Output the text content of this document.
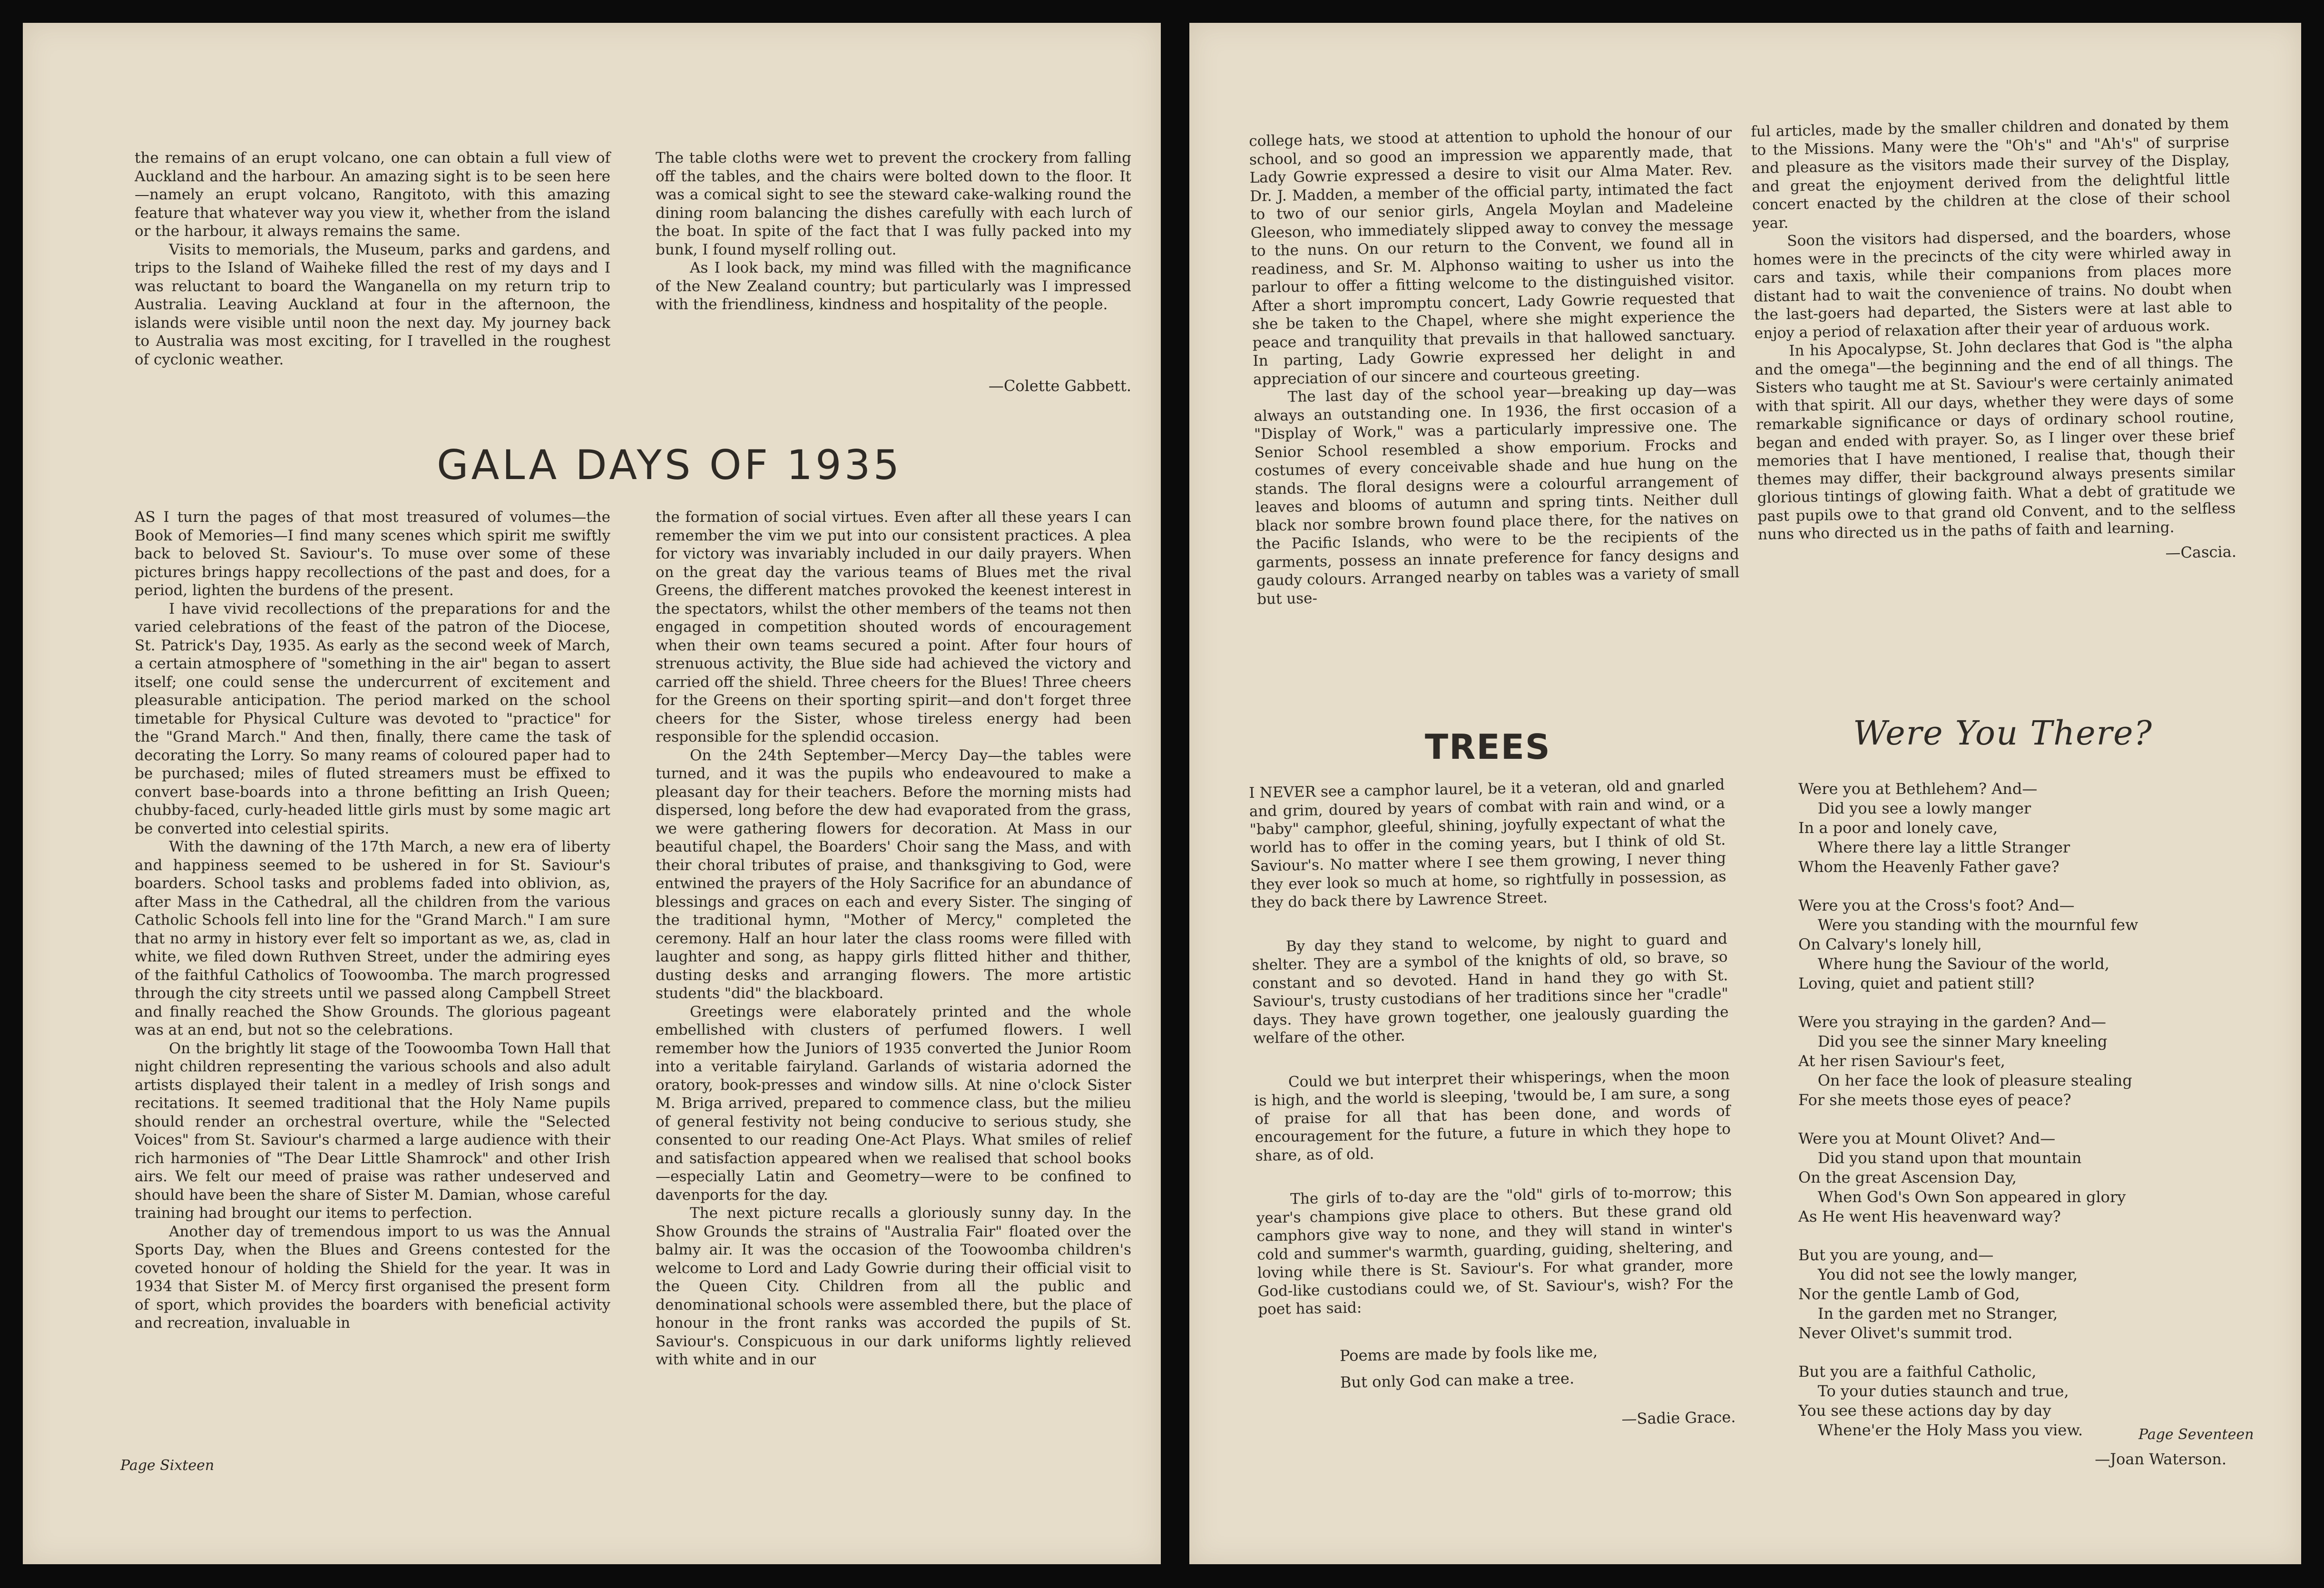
the remains of an erupt volcano, one can obtain a full view of Auckland and the harbour. An amazing sight is to be seen here—namely an erupt volcano, Rangitoto, with this amazing feature that whatever way you view it, whether from the island or the harbour, it always remains the same.

Visits to memorials, the Museum, parks and gardens, and trips to the Island of Waiheke filled the rest of my days and I was reluctant to board the Wanganella on my return trip to Australia. Leaving Auckland at four in the afternoon, the islands were visible until noon the next day. My journey back to Australia was most exciting, for I travelled in the roughest of cyclonic weather.

The table cloths were wet to prevent the crockery from falling off the tables, and the chairs were bolted down to the floor. It was a comical sight to see the steward cake-walking round the dining room balancing the dishes carefully with each lurch of the boat. In spite of the fact that I was fully packed into my bunk, I found myself rolling out.

As I look back, my mind was filled with the magnificance of the New Zealand country; but particularly was I impressed with the friendliness, kindness and hospitality of the people.

—Colette Gabbett.
GALA DAYS OF 1935

AS I turn the pages of that most treasured of volumes—the Book of Memories—I find many scenes which spirit me swiftly back to beloved St. Saviour's. To muse over some of these pictures brings happy recollections of the past and does, for a period, lighten the burdens of the present.

I have vivid recollections of the preparations for and the varied celebrations of the feast of the patron of the Diocese, St. Patrick's Day, 1935. As early as the second week of March, a certain atmosphere of "something in the air" began to assert itself; one could sense the undercurrent of excitement and pleasurable anticipation. The period marked on the school timetable for Physical Culture was devoted to "practice" for the "Grand March." And then, finally, there came the task of decorating the Lorry. So many reams of coloured paper had to be purchased; miles of fluted streamers must be effixed to convert base-boards into a throne befitting an Irish Queen; chubby-faced, curly-headed little girls must by some magic art be converted into celestial spirits.

With the dawning of the 17th March, a new era of liberty and happiness seemed to be ushered in for St. Saviour's boarders. School tasks and problems faded into oblivion, as, after Mass in the Cathedral, all the children from the various Catholic Schools fell into line for the "Grand March." I am sure that no army in history ever felt so important as we, as, clad in white, we filed down Ruthven Street, under the admiring eyes of the faithful Catholics of Toowoomba. The march progressed through the city streets until we passed along Campbell Street and finally reached the Show Grounds. The glorious pageant was at an end, but not so the celebrations.

On the brightly lit stage of the Toowoomba Town Hall that night children representing the various schools and also adult artists displayed their talent in a medley of Irish songs and recitations. It seemed traditional that the Holy Name pupils should render an orchestral overture, while the "Selected Voices" from St. Saviour's charmed a large audience with their rich harmonies of "The Dear Little Shamrock" and other Irish airs. We felt our meed of praise was rather undeserved and should have been the share of Sister M. Damian, whose careful training had brought our items to perfection.

Another day of tremendous import to us was the Annual Sports Day, when the Blues and Greens contested for the coveted honour of holding the Shield for the year. It was in 1934 that Sister M. of Mercy first organised the present form of sport, which provides the boarders with beneficial activity and recreation, invaluable in

the formation of social virtues. Even after all these years I can remember the vim we put into our consistent practices. A plea for victory was invariably included in our daily prayers. When on the great day the various teams of Blues met the rival Greens, the different matches provoked the keenest interest in the spectators, whilst the other members of the teams not then engaged in competition shouted words of encouragement when their own teams secured a point. After four hours of strenuous activity, the Blue side had achieved the victory and carried off the shield. Three cheers for the Blues! Three cheers for the Greens on their sporting spirit—and don't forget three cheers for the Sister, whose tireless energy had been responsible for the splendid occasion.

On the 24th September—Mercy Day—the tables were turned, and it was the pupils who endeavoured to make a pleasant day for their teachers. Before the morning mists had dispersed, long before the dew had evaporated from the grass, we were gathering flowers for decoration. At Mass in our beautiful chapel, the Boarders' Choir sang the Mass, and with their choral tributes of praise, and thanksgiving to God, were entwined the prayers of the Holy Sacrifice for an abundance of blessings and graces on each and every Sister. The singing of the traditional hymn, "Mother of Mercy," completed the ceremony. Half an hour later the class rooms were filled with laughter and song, as happy girls flitted hither and thither, dusting desks and arranging flowers. The more artistic students "did" the blackboard.

Greetings were elaborately printed and the whole embellished with clusters of perfumed flowers. I well remember how the Juniors of 1935 converted the Junior Room into a veritable fairyland. Garlands of wistaria adorned the oratory, book-presses and window sills. At nine o'clock Sister M. Briga arrived, prepared to commence class, but the milieu of general festivity not being conducive to serious study, she consented to our reading One-Act Plays. What smiles of relief and satisfaction appeared when we realised that school books—especially Latin and Geometry—were to be confined to davenports for the day.

The next picture recalls a gloriously sunny day. In the Show Grounds the strains of "Australia Fair" floated over the balmy air. It was the occasion of the Toowoomba children's welcome to Lord and Lady Gowrie during their official visit to the Queen City. Children from all the public and denominational schools were assembled there, but the place of honour in the front ranks was accorded the pupils of St. Saviour's. Conspicuous in our dark uniforms lightly relieved with white and in our

Page Sixteen

college hats, we stood at attention to uphold the honour of our school, and so good an impression we apparently made, that Lady Gowrie expressed a desire to visit our Alma Mater. Rev. Dr. J. Madden, a member of the official party, intimated the fact to two of our senior girls, Angela Moylan and Madeleine Gleeson, who immediately slipped away to convey the message to the nuns. On our return to the Convent, we found all in readiness, and Sr. M. Alphonso waiting to usher us into the parlour to offer a fitting welcome to the distinguished visitor. After a short impromptu concert, Lady Gowrie requested that she be taken to the Chapel, where she might experience the peace and tranquility that prevails in that hallowed sanctuary. In parting, Lady Gowrie expressed her delight in and appreciation of our sincere and courteous greeting.

The last day of the school year—breaking up day—was always an outstanding one. In 1936, the first occasion of a "Display of Work," was a particularly impressive one. The Senior School resembled a show emporium. Frocks and costumes of every conceivable shade and hue hung on the stands. The floral designs were a colourful arrangement of leaves and blooms of autumn and spring tints. Neither dull black nor sombre brown found place there, for the natives on the Pacific Islands, who were to be the recipients of the garments, possess an innate preference for fancy designs and gaudy colours. Arranged nearby on tables was a variety of small but use-

ful articles, made by the smaller children and donated by them to the Missions. Many were the "Oh's" and "Ah's" of surprise and pleasure as the visitors made their survey of the Display, and great the enjoyment derived from the delightful little concert enacted by the children at the close of their school year.

Soon the visitors had dispersed, and the boarders, whose homes were in the precincts of the city were whirled away in cars and taxis, while their companions from places more distant had to wait the convenience of trains. No doubt when the last-goers had departed, the Sisters were at last able to enjoy a period of relaxation after their year of arduous work.

In his Apocalypse, St. John declares that God is "the alpha and the omega"—the beginning and the end of all things. The Sisters who taught me at St. Saviour's were certainly animated with that spirit. All our days, whether they were days of some remarkable significance or days of ordinary school routine, began and ended with prayer. So, as I linger over these brief memories that I have mentioned, I realise that, though their themes may differ, their background always presents similar glorious tintings of glowing faith. What a debt of gratitude we past pupils owe to that grand old Convent, and to the selfless nuns who directed us in the paths of faith and learning.

—Cascia.
TREES

I NEVER see a camphor laurel, be it a veteran, old and gnarled and grim, doured by years of combat with rain and wind, or a "baby" camphor, gleeful, shining, joyfully expectant of what the world has to offer in the coming years, but I think of old St. Saviour's. No matter where I see them growing, I never thing they ever look so much at home, so rightfully in possession, as they do back there by Lawrence Street.

By day they stand to welcome, by night to guard and shelter. They are a symbol of the knights of old, so brave, so constant and so devoted. Hand in hand they go with St. Saviour's, trusty custodians of her traditions since her "cradle" days. They have grown together, one jealously guarding the welfare of the other.

Could we but interpret their whisperings, when the moon is high, and the world is sleeping, 'twould be, I am sure, a song of praise for all that has been done, and words of encouragement for the future, a future in which they hope to share, as of old.

The girls of to-day are the "old" girls of to-morrow; this year's champions give place to others. But these grand old camphors give way to none, and they will stand in winter's cold and summer's warmth, guarding, guiding, sheltering, and loving while there is St. Saviour's. For what grander, more God-like custodians could we, of St. Saviour's, wish? For the poet has said:

Poems are made by fools like me,
But only God can make a tree.
—Sadie Grace.
Were You There?
Were you at Bethlehem? And—
Did you see a lowly manger
In a poor and lonely cave,
Where there lay a little Stranger
Whom the Heavenly Father gave?
Were you at the Cross's foot? And—
Were you standing with the mournful few
On Calvary's lonely hill,
Where hung the Saviour of the world,
Loving, quiet and patient still?
Were you straying in the garden? And—
Did you see the sinner Mary kneeling
At her risen Saviour's feet,
On her face the look of pleasure stealing
For she meets those eyes of peace?
Were you at Mount Olivet? And—
Did you stand upon that mountain
On the great Ascension Day,
When God's Own Son appeared in glory
As He went His heavenward way?
But you are young, and—
You did not see the lowly manger,
Nor the gentle Lamb of God,
In the garden met no Stranger,
Never Olivet's summit trod.
But you are a faithful Catholic,
To your duties staunch and true,
You see these actions day by day
Whene'er the Holy Mass you view.
—Joan Waterson.
Page Seventeen
